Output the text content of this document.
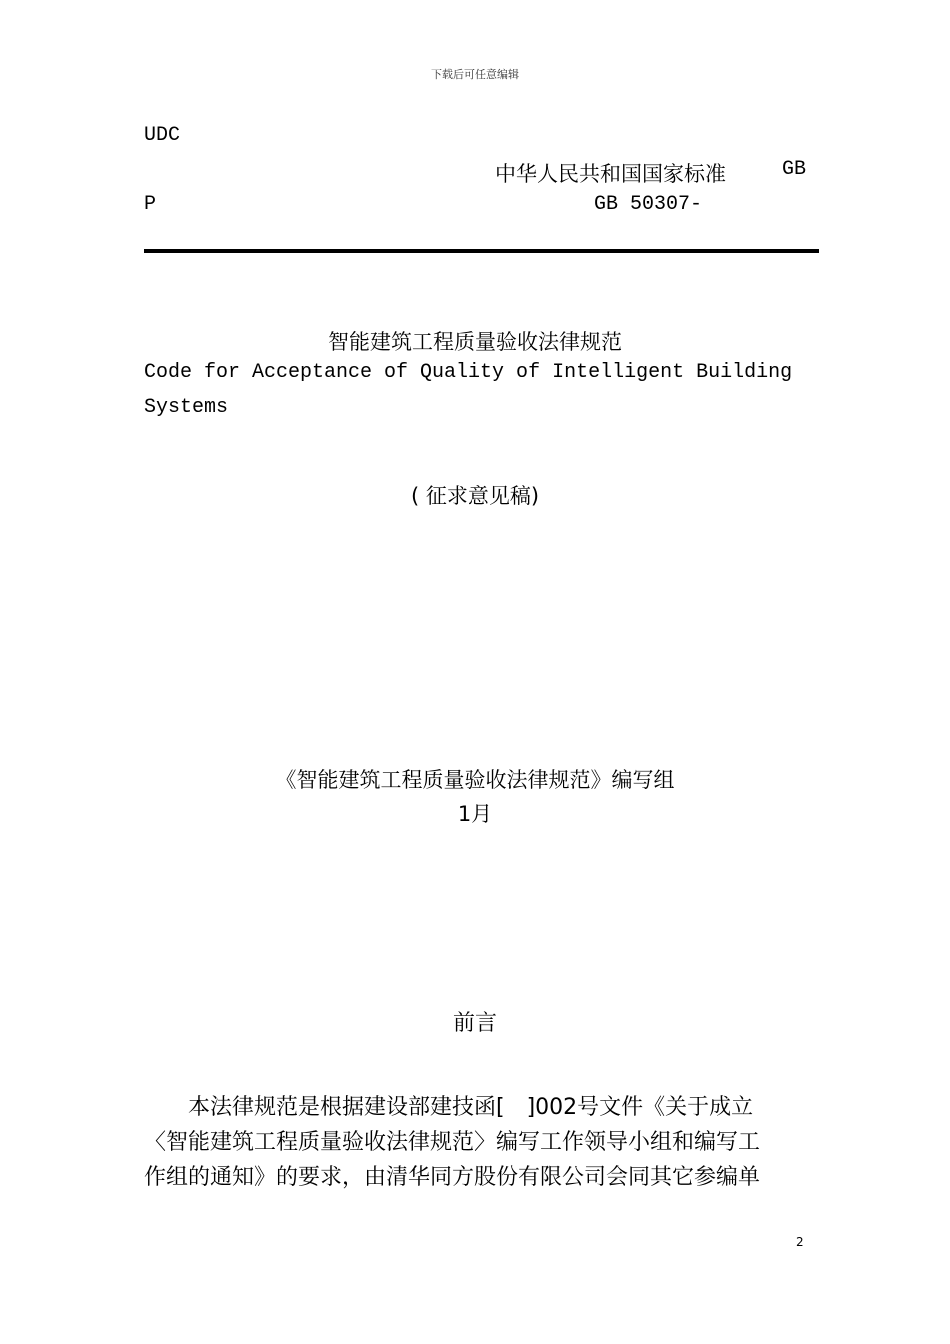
下载后可任意编辑

UDC

中华人民共和国国家标准	GB

P	GB 50307-

智能建筑工程质量验收法律规范

Code for Acceptance of Quality of Intelligent Building

Systems

( 征求意见稿)

《智能建筑工程质量验收法律规范》编写组

1月

前言

本法律规范是根据建设部建技函[　]002号文件《关于成立

〈智能建筑工程质量验收法律规范〉编写工作领导小组和编写工

作组的通知》的要求，由清华同方股份有限公司会同其它参编单

2
